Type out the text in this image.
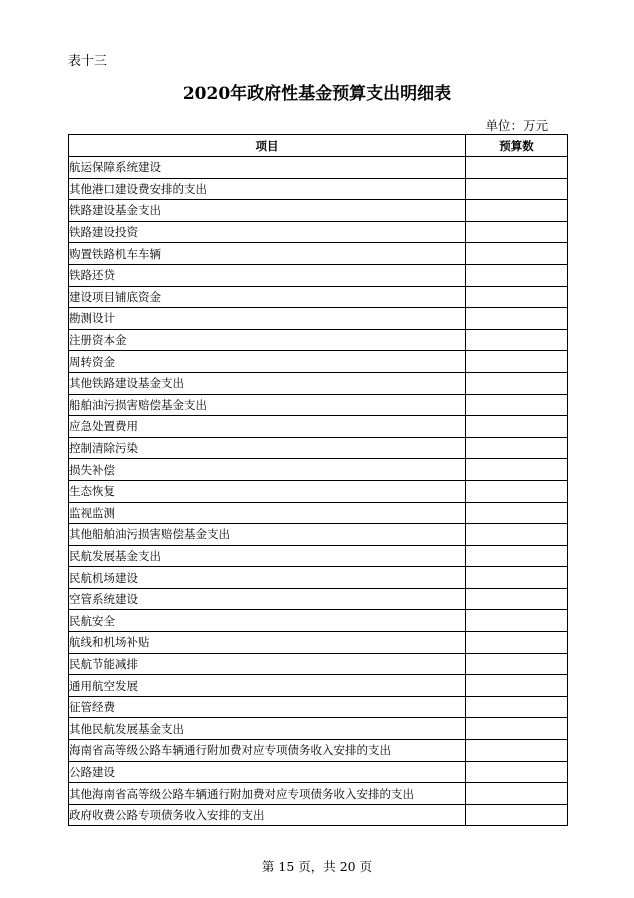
表十三
2020年政府性基金预算支出明细表
单位：万元
项目	预算数
航运保障系统建设	
其他港口建设费安排的支出	
铁路建设基金支出	
铁路建设投资	
购置铁路机车车辆	
铁路还贷	
建设项目铺底资金	
勘测设计	
注册资本金	
周转资金	
其他铁路建设基金支出	
船舶油污损害赔偿基金支出	
应急处置费用	
控制清除污染	
损失补偿	
生态恢复	
监视监测	
其他船舶油污损害赔偿基金支出	
民航发展基金支出	
民航机场建设	
空管系统建设	
民航安全	
航线和机场补贴	
民航节能减排	
通用航空发展	
征管经费	
其他民航发展基金支出	
海南省高等级公路车辆通行附加费对应专项债务收入安排的支出	
公路建设	
其他海南省高等级公路车辆通行附加费对应专项债务收入安排的支出	
政府收费公路专项债务收入安排的支出	
第 15 页，共 20 页
